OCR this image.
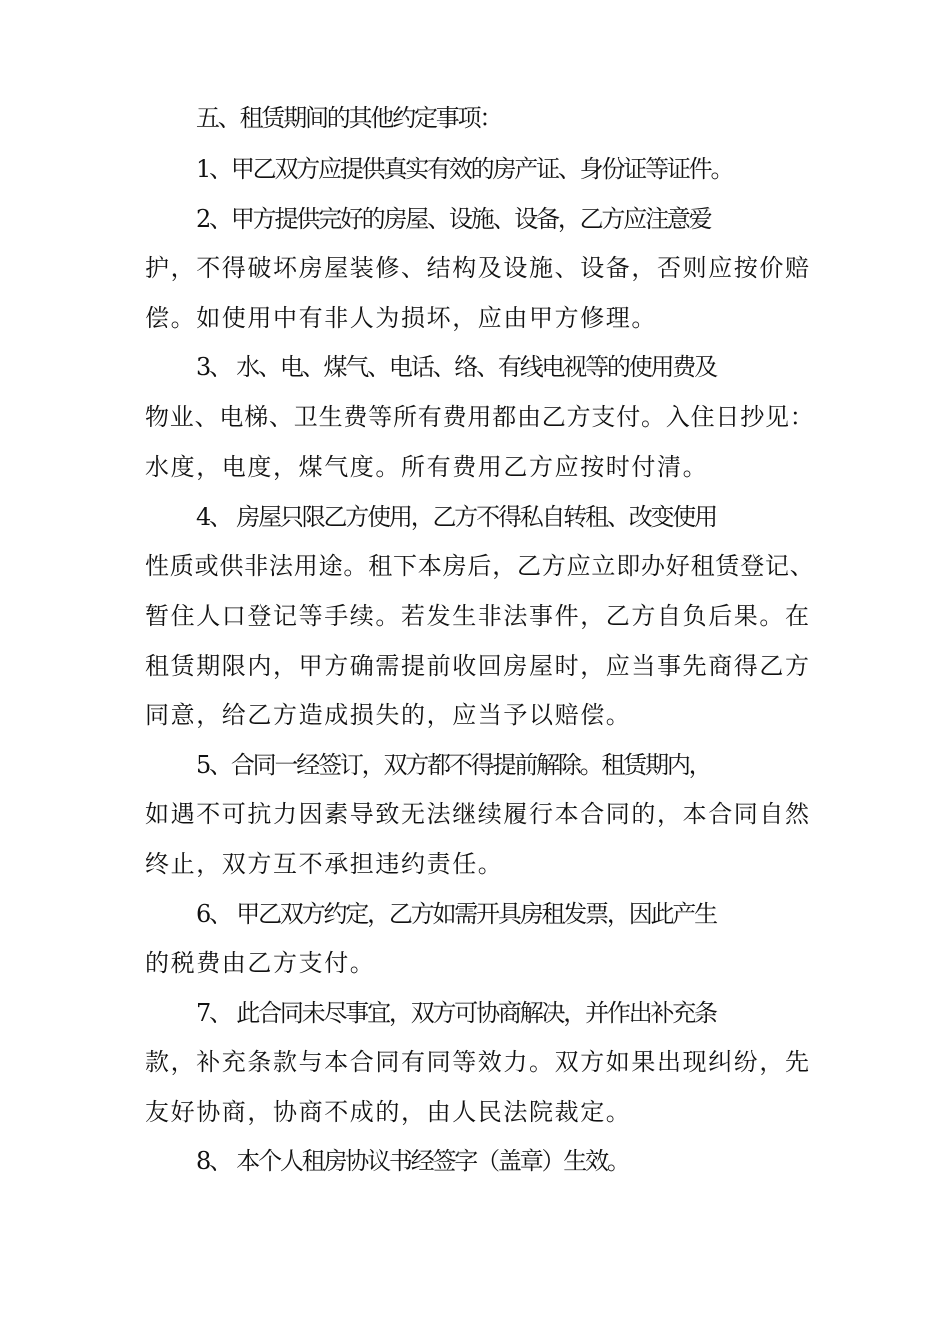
五、租赁期间的其他约定事项：
1、甲乙双方应提供真实有效的房产证、身份证等证件。
2、甲方提供完好的房屋、设施、设备，乙方应注意爱
护，不得破坏房屋装修、结构及设施、设备，否则应按价赔
偿。如使用中有非人为损坏，应由甲方修理。
3、 水、电、煤气、电话、络、有线电视等的使用费及
物业、电梯、卫生费等所有费用都由乙方支付。入住日抄见：
水度，电度，煤气度。所有费用乙方应按时付清。
4、 房屋只限乙方使用，乙方不得私自转租、改变使用
性质或供非法用途。租下本房后，乙方应立即办好租赁登记、
暂住人口登记等手续。若发生非法事件，乙方自负后果。在
租赁期限内，甲方确需提前收回房屋时，应当事先商得乙方
同意，给乙方造成损失的，应当予以赔偿。
5、合同一经签订，双方都不得提前解除。租赁期内，
如遇不可抗力因素导致无法继续履行本合同的，本合同自然
终止，双方互不承担违约责任。
6、 甲乙双方约定，乙方如需开具房租发票，因此产生
的税费由乙方支付。
7、 此合同未尽事宜，双方可协商解决，并作出补充条
款，补充条款与本合同有同等效力。双方如果出现纠纷，先
友好协商，协商不成的，由人民法院裁定。
8、 本个人租房协议书经签字（盖章）生效。
